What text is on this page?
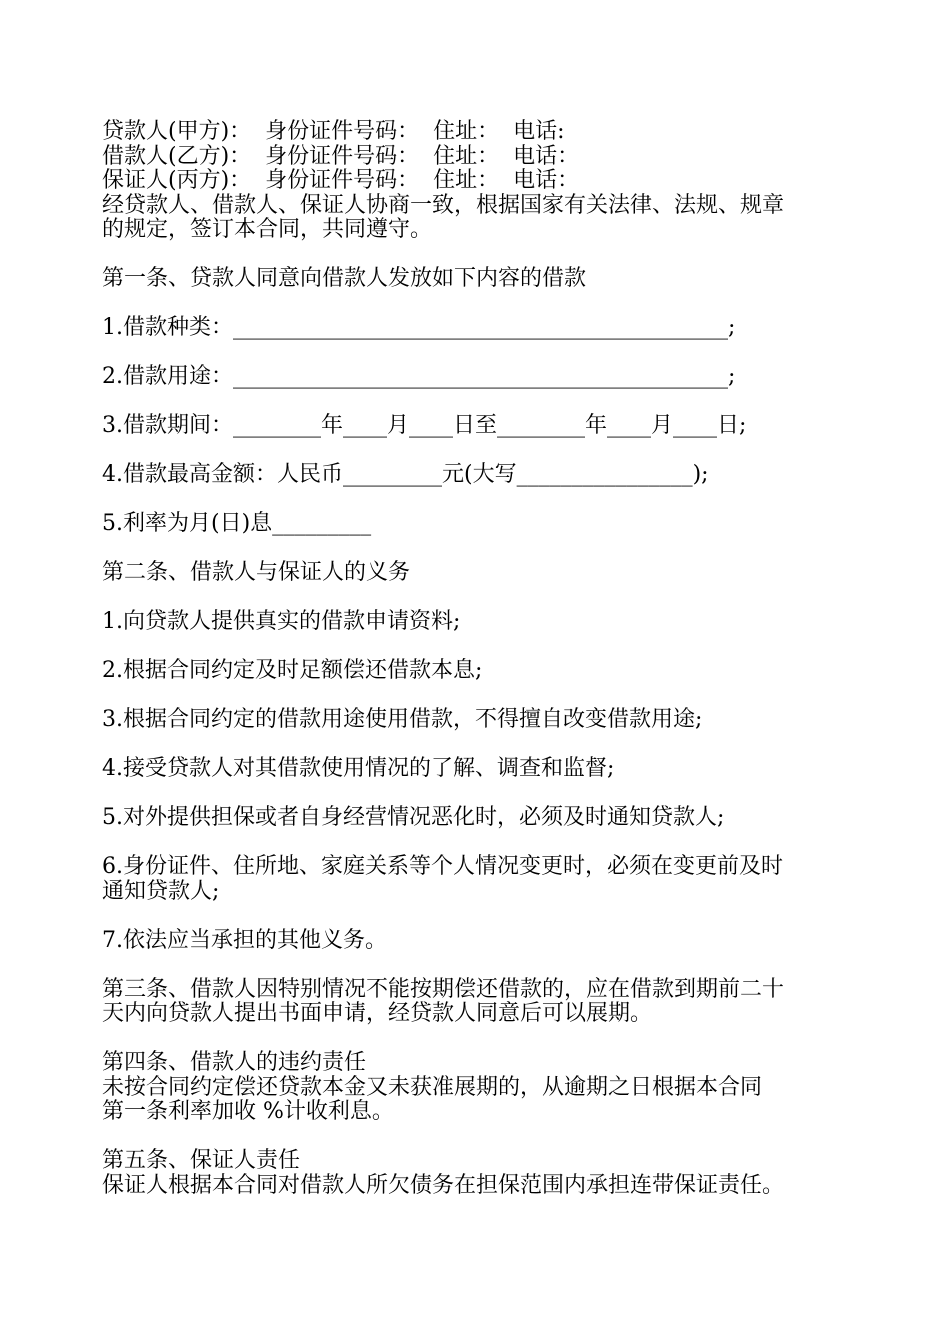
贷款人(甲方)：  身份证件号码：  住址：  电话:
借款人(乙方)：  身份证件号码：  住址：  电话：
保证人(丙方)：  身份证件号码：  住址：  电话：
经贷款人、借款人、保证人协商一致，根据国家有关法律、法规、规章
的规定，签订本合同，共同遵守。
第一条、贷款人同意向借款人发放如下内容的借款
1.借款种类：_____________________________________________;
2.借款用途：_____________________________________________;
3.借款期间：________年____月____日至________年____月____日;
4.借款最高金额：人民币_________元(大写________________);
5.利率为月(日)息_________
第二条、借款人与保证人的义务
1.向贷款人提供真实的借款申请资料;
2.根据合同约定及时足额偿还借款本息;
3.根据合同约定的借款用途使用借款，不得擅自改变借款用途;
4.接受贷款人对其借款使用情况的了解、调查和监督;
5.对外提供担保或者自身经营情况恶化时，必须及时通知贷款人;
6.身份证件、住所地、家庭关系等个人情况变更时，必须在变更前及时
通知贷款人;
7.依法应当承担的其他义务。
第三条、借款人因特别情况不能按期偿还借款的，应在借款到期前二十
天内向贷款人提出书面申请，经贷款人同意后可以展期。
第四条、借款人的违约责任
未按合同约定偿还贷款本金又未获准展期的，从逾期之日根据本合同
第一条利率加收 %计收利息。
第五条、保证人责任
保证人根据本合同对借款人所欠债务在担保范围内承担连带保证责任。
